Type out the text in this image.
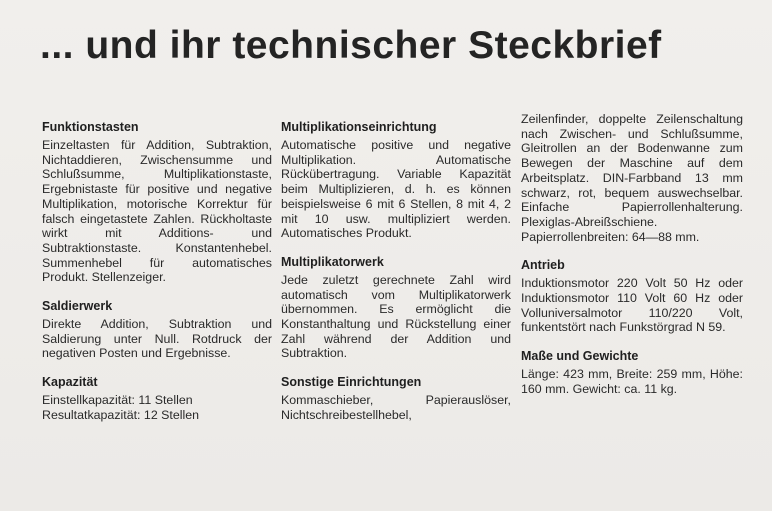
... und ihr technischer Steckbrief
Funktionstasten

Einzeltasten für Addition, Subtraktion, Nichtaddieren, Zwischensumme und Schlußsumme, Multiplikationstaste, Ergebnistaste für positive und negative Multiplikation, motorische Korrektur für falsch eingetastete Zahlen. Rückholtaste wirkt mit Additions- und Subtraktionstaste. Konstantenhebel. Summenhebel für automatisches Produkt. Stellenzeiger.

Saldierwerk

Direkte Addition, Subtraktion und Saldierung unter Null. Rotdruck der negativen Posten und Ergebnisse.

Kapazität

Einstellkapazität: 11 Stellen
Resultatkapazität: 12 Stellen

Multiplikationseinrichtung

Automatische positive und negative Multiplikation. Automatische Rückübertragung. Variable Kapazität beim Multiplizieren, d. h. es können beispielsweise 6 mit 6 Stellen, 8 mit 4, 2 mit 10 usw. multipliziert werden. Automatisches Produkt.

Multiplikatorwerk

Jede zuletzt gerechnete Zahl wird automatisch vom Multiplikatorwerk übernommen. Es ermöglicht die Konstanthaltung und Rückstellung einer Zahl während der Addition und Subtraktion.

Sonstige Einrichtungen

Kommaschieber, Papierauslöser, Nichtschreibestellhebel,

Zeilenfinder, doppelte Zeilenschaltung nach Zwischen- und Schlußsumme, Gleitrollen an der Bodenwanne zum Bewegen der Maschine auf dem Arbeitsplatz. DIN-Farbband 13 mm schwarz, rot, bequem auswechselbar. Einfache Papierrollenhalterung. Plexiglas-Abreißschiene. Papierrollenbreiten: 64—88 mm.

Antrieb

Induktionsmotor 220 Volt 50 Hz oder Induktionsmotor 110 Volt 60 Hz oder Volluniversalmotor 110/220 Volt, funkentstört nach Funkstörgrad N 59.

Maße und Gewichte

Länge: 423 mm, Breite: 259 mm, Höhe: 160 mm. Gewicht: ca. 11 kg.
